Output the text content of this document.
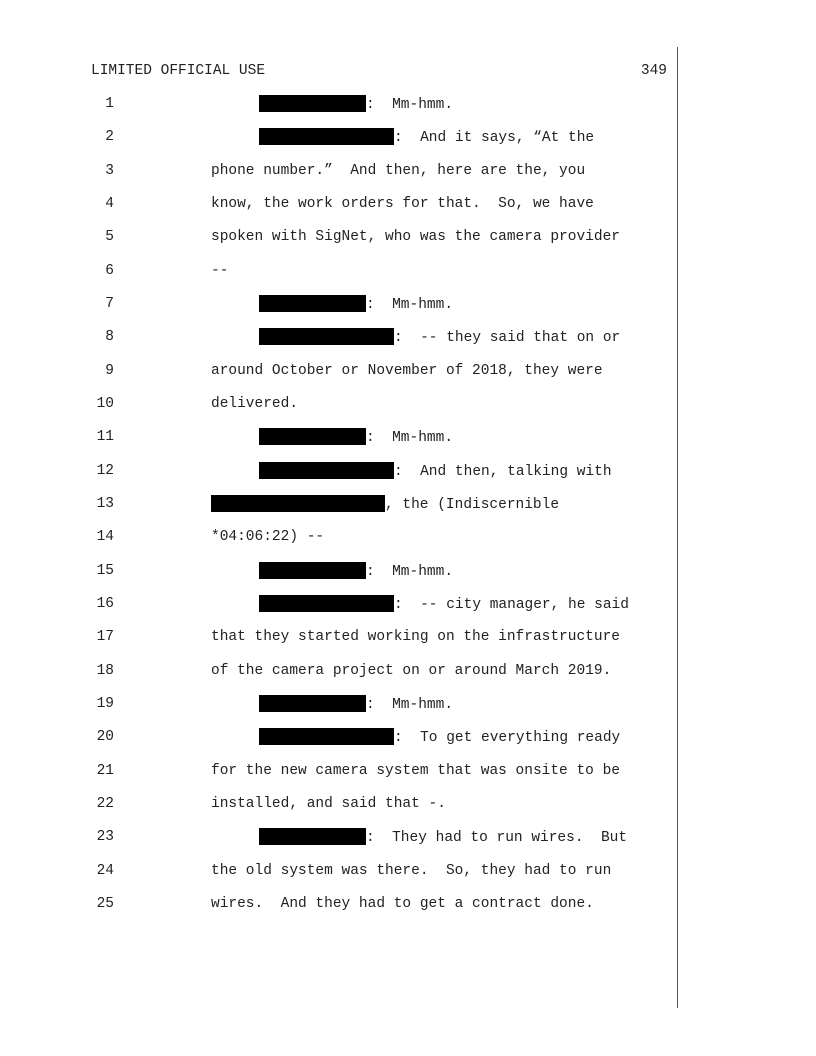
LIMITED OFFICIAL USE	349
1	:  Mm-hmm.
2	:  And it says, “At the
3	phone number.”  And then, here are the, you
4	know, the work orders for that.  So, we have
5	spoken with SigNet, who was the camera provider
6	--
7	:  Mm-hmm.
8	:  -- they said that on or
9	around October or November of 2018, they were
10	delivered.
11	:  Mm-hmm.
12	:  And then, talking with
13	, the (Indiscernible
14	*04:06:22) --
15	:  Mm-hmm.
16	:  -- city manager, he said
17	that they started working on the infrastructure
18	of the camera project on or around March 2019.
19	:  Mm-hmm.
20	:  To get everything ready
21	for the new camera system that was onsite to be
22	installed, and said that -.
23	:  They had to run wires.  But
24	the old system was there.  So, they had to run
25	wires.  And they had to get a contract done.
